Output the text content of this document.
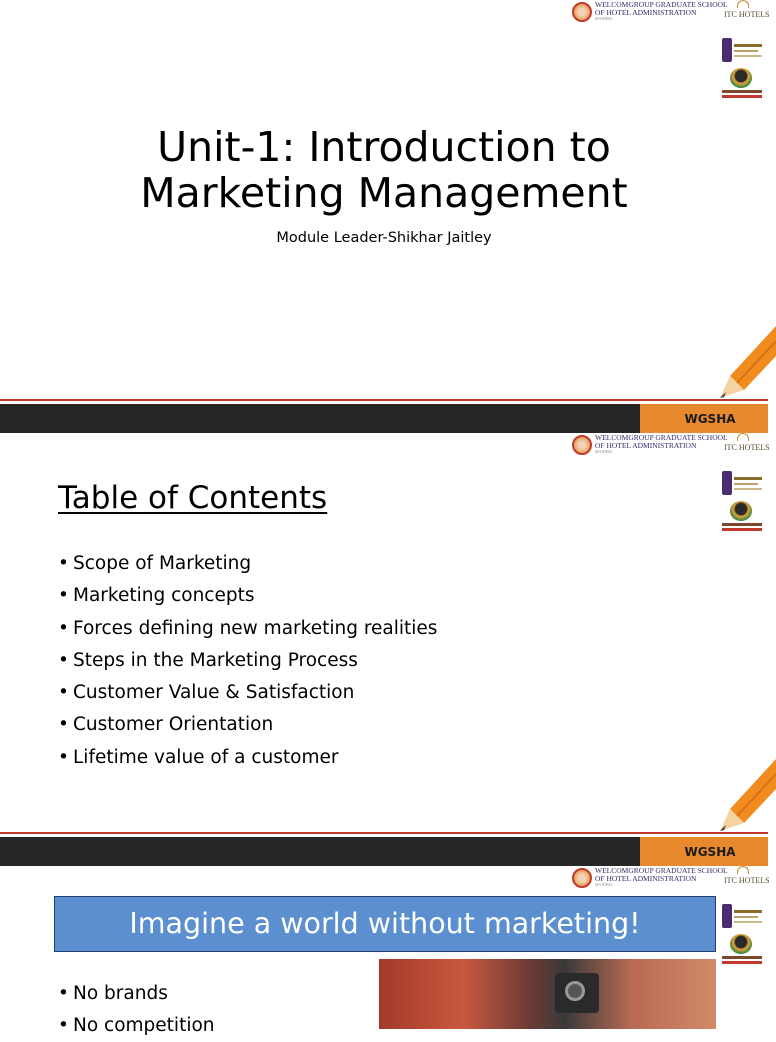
WELCOMGROUP GRADUATE SCHOOL
OF HOTEL ADMINISTRATION
MANIPAL	ITC HOTELS
Unit-1: Introduction to
Marketing Management
Module Leader-Shikhar Jaitley
WGSHA
WELCOMGROUP GRADUATE SCHOOL
OF HOTEL ADMINISTRATION
MANIPAL	ITC HOTELS
Table of Contents
• Scope of Marketing
• Marketing concepts
• Forces defining new marketing realities
• Steps in the Marketing Process
• Customer Value & Satisfaction
• Customer Orientation
• Lifetime value of a customer
WGSHA
WELCOMGROUP GRADUATE SCHOOL
OF HOTEL ADMINISTRATION
MANIPAL	ITC HOTELS
Imagine a world without marketing!
• No brands
• No competition
